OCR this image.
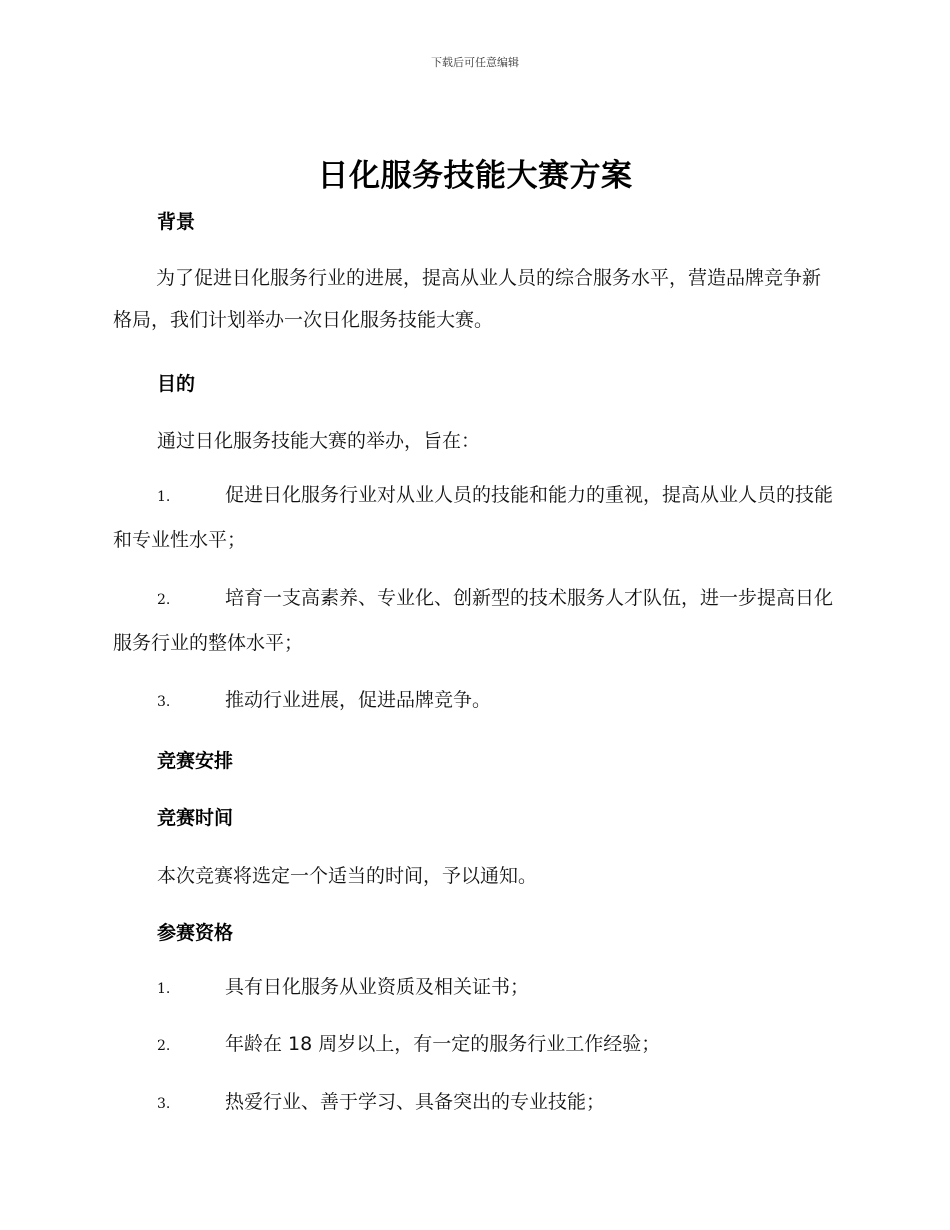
下载后可任意编辑
日化服务技能大赛方案
背景
为了促进日化服务行业的进展，提高从业人员的综合服务水平，营造品牌竞争新格局，我们计划举办一次日化服务技能大赛。
目的
通过日化服务技能大赛的举办，旨在：
1.	促进日化服务行业对从业人员的技能和能力的重视，提高从业人员的技能和专业性水平；
2.	培育一支高素养、专业化、创新型的技术服务人才队伍，进一步提高日化服务行业的整体水平；
3.	推动行业进展，促进品牌竞争。
竞赛安排
竞赛时间
本次竞赛将选定一个适当的时间，予以通知。
参赛资格
1.	具有日化服务从业资质及相关证书；
2.	年龄在 18 周岁以上，有一定的服务行业工作经验；
3.	热爱行业、善于学习、具备突出的专业技能；
